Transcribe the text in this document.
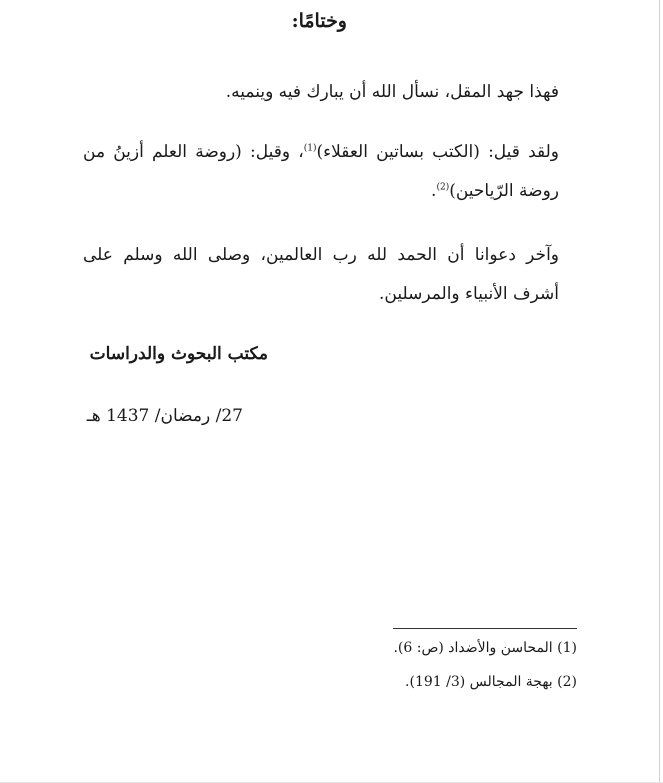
وختامًا:

فهذا جهد المقل، نسأل الله أن يبارك فيه وينميه.

ولقد قيل: (الكتب بساتين العقلاء)$^{(1)}$، وقيل: (روضة العلم أزينُ من روضة الرّياحين)$^{(2)}$.

وآخر دعوانا أن الحمد لله رب العالمين، وصلى الله وسلم على أشرف الأنبياء والمرسلين.

مكتب البحوث والدراسات
27/ رمضان/ 1437 هـ
(1) المحاسن والأضداد (ص: 6).
(2) بهجة المجالس (3/ 191).
